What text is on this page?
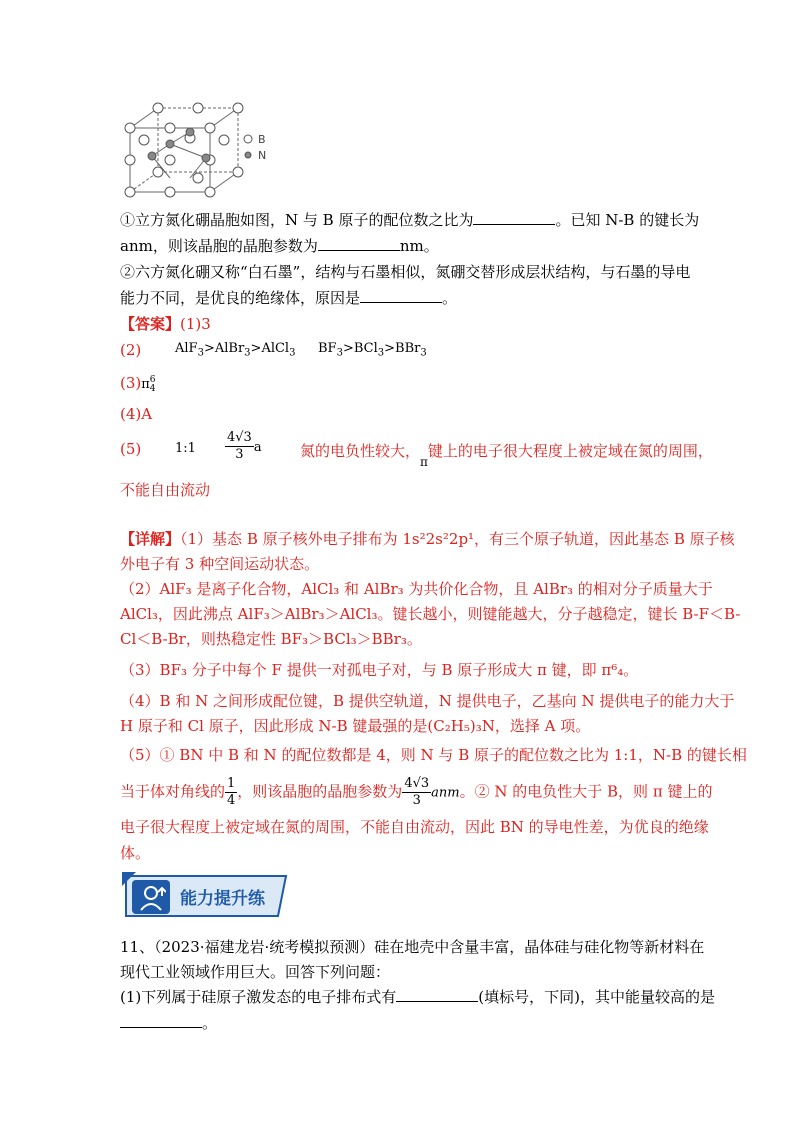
B
N
①立方氮化硼晶胞如图，N 与 B 原子的配位数之比为	。已知 N-B 的键长为
anm，则该晶胞的晶胞参数为	nm。
②六方氮化硼又称“白石墨”，结构与石墨相似，氮硼交替形成层状结构，与石墨的导电
能力不同，是优良的绝缘体，原因是	。
【答案】(1)3
(2)	AlF$_3$>AlBr$_3$>AlCl$_3$ $BF_3>BCl_3>BBr_3$
(3)π 6
4
(4)A
(5)	1:1 $\frac{4√3}{3}$ a	氮的电负性较大，$_\pi$键上的电子很大程度上被定域在氮的周围，
不能自由流动
【详解】（1）基态 B 原子核外电子排布为 1s²2s²2p¹，有三个原子轨道，因此基态 B 原子核
外电子有 3 种空间运动状态。
（2）AlF₃ 是离子化合物，AlCl₃ 和 AlBr₃ 为共价化合物，且 AlBr₃ 的相对分子质量大于
AlCl₃，因此沸点 AlF₃＞AlBr₃＞AlCl₃。键长越小，则键能越大，分子越稳定，键长 B-F＜B-
Cl＜B-Br，则热稳定性 BF₃＞BCl₃＞BBr₃。
（3）BF₃ 分子中每个 F 提供一对孤电子对，与 B 原子形成大 π 键，即 π⁶₄。
（4）B 和 N 之间形成配位键，B 提供空轨道，N 提供电子，乙基向 N 提供电子的能力大于
H 原子和 Cl 原子，因此形成 N-B 键最强的是(C₂H₅)₃N，选择 A 项。
（5）① BN 中 B 和 N 的配位数都是 4，则 N 与 B 原子的配位数之比为 1:1，N-B 的键长相
当于体对角线的 $\frac{1}{4}$ ，则该晶胞的晶胞参数为 $\frac{4√3}{3}$ anm。② N 的电负性大于 B，则 π 键上的
电子很大程度上被定域在氮的周围，不能自由流动，因此 BN 的导电性差，为优良的绝缘
体。
能力提升练
11、（2023·福建龙岩·统考模拟预测）硅在地壳中含量丰富，晶体硅与硅化物等新材料在
现代工业领域作用巨大。回答下列问题：
(1)下列属于硅原子激发态的电子排布式有	(填标号，下同)，其中能量较高的是
。
